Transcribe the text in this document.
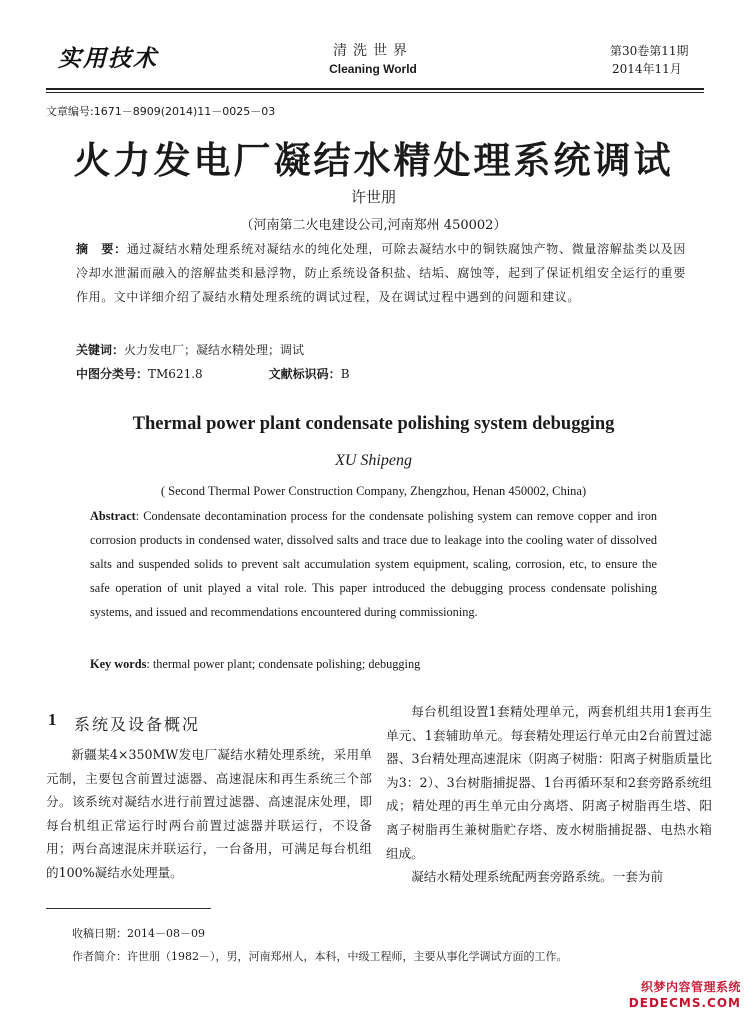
实用技术	清洗世界
Cleaning World
第30卷第11期
2014年11月
文章编号:1671－8909(2014)11－0025－03
火力发电厂凝结水精处理系统调试
许世朋
（河南第二火电建设公司,河南郑州 450002）
摘　要：通过凝结水精处理系统对凝结水的纯化处理，可除去凝结水中的铜铁腐蚀产物、微量溶解盐类以及因冷却水泄漏而融入的溶解盐类和悬浮物，防止系统设备积盐、结垢、腐蚀等，起到了保证机组安全运行的重要作用。文中详细介绍了凝结水精处理系统的调试过程，及在调试过程中遇到的问题和建议。
关键词：火力发电厂；凝结水精处理；调试
中图分类号：TM621.8	文献标识码：B
Thermal power plant condensate polishing system debugging
XU Shipeng
( Second Thermal Power Construction Company, Zhengzhou, Henan 450002, China)
Abstract: Condensate decontamination process for the condensate polishing system can remove copper and iron corrosion products in condensed water, dissolved salts and trace due to leakage into the cooling water of dissolved salts and suspended solids to prevent salt accumulation system equipment, scaling, corrosion, etc, to ensure the safe operation of unit played a vital role. This paper introduced the debugging process condensate polishing systems, and issued and recommendations encountered during commissioning.
Key words: thermal power plant; condensate polishing; debugging
1 系统及设备概况

新疆某4×350MW发电厂凝结水精处理系统，采用单元制，主要包含前置过滤器、高速混床和再生系统三个部分。该系统对凝结水进行前置过滤器、高速混床处理，即每台机组正常运行时两台前置过滤器并联运行，不设备用；两台高速混床并联运行，一台备用，可满足每台机组的100%凝结水处理量。

每台机组设置1套精处理单元，两套机组共用1套再生单元、1套辅助单元。每套精处理运行单元由2台前置过滤器、3台精处理高速混床（阴离子树脂：阳离子树脂质量比为3：2）、3台树脂捕捉器、1台再循环泵和2套旁路系统组成；精处理的再生单元由分离塔、阴离子树脂再生塔、阳离子树脂再生兼树脂贮存塔、废水树脂捕捉器、电热水箱组成。

凝结水精处理系统配两套旁路系统。一套为前

收稿日期：2014－08－09
作者简介：许世朋（1982－），男，河南郑州人，本科，中级工程师，主要从事化学调试方面的工作。
织梦内容管理系统
DEDECMS.COM
